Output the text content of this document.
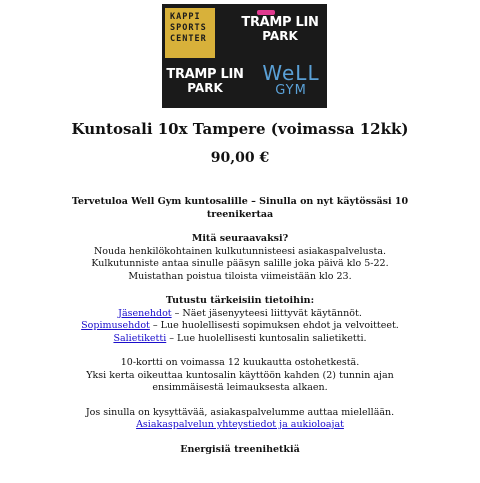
KAPPI
SPORTS
CENTER
TRAMP LIN
PARK
TRAMP LIN
PARK
WeLL
GYM
Kuntosali 10x Tampere (voimassa 12kk)
90,00 €

Tervetuloa Well Gym kuntosalille – Sinulla on nyt käytössäsi 10 treenikertaa

Mitä seuraavaksi?

Nouda henkilökohtainen kulkutunnisteesi asiakaspalvelusta.

Kulkutunniste antaa sinulle pääsyn salille joka päivä klo 5-22.

Muistathan poistua tiloista viimeistään klo 23.

Tutustu tärkeisiin tietoihin:

Jäsenehdot – Näet jäsenyyteesi liittyvät käytännöt.

Sopimusehdot – Lue huolellisesti sopimuksen ehdot ja velvoitteet.

Salietiketti – Lue huolellisesti kuntosalin salietiketti.

10-kortti on voimassa 12 kuukautta ostohetkestä.

Yksi kerta oikeuttaa kuntosalin käyttöön kahden (2) tunnin ajan ensimmäisestä leimauksesta alkaen.

Jos sinulla on kysyttävää, asiakaspalvelumme auttaa mielellään.

Asiakaspalvelun yhteystiedot ja aukioloajat

Energisiä treenihetkiä
